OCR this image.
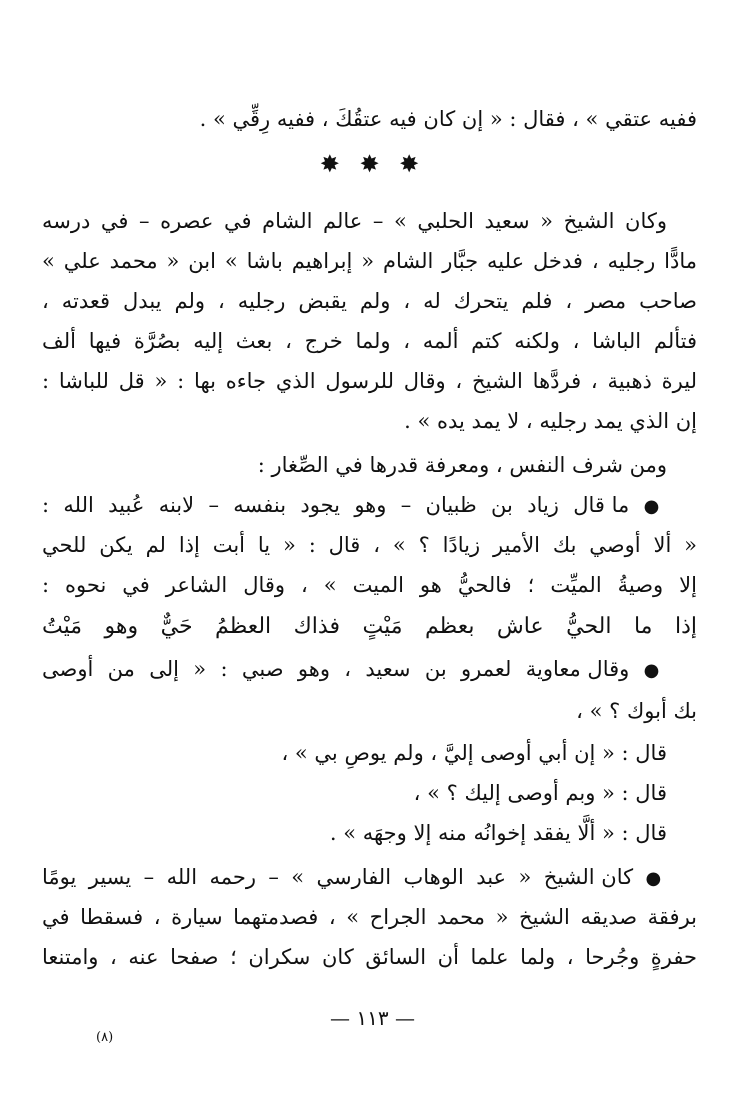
ففيه عتقي » ، فقال : « إن كان فيه عتقُكَ ، ففيه رِقِّي » .
✸ ✸ ✸
وكان الشيخ « سعيد الحلبي » – عالم الشام في عصره – في درسه
مادًّا رجليه ، فدخل عليه جبَّار الشام « إبراهيم باشا » ابن « محمد علي »
صاحب مصر ، فلم يتحرك له ، ولم يقبض رجليه ، ولم يبدل قعدته ،
فتألم الباشا ، ولكنه كتم ألمه ، ولما خرج ، بعث إليه بصُرَّة فيها ألف
ليرة ذهبية ، فردَّها الشيخ ، وقال للرسول الذي جاءه بها : « قل للباشا :
إن الذي يمد رجليه ، لا يمد يده » .
ومن شرف النفس ، ومعرفة قدرها في الصِّغار :
● ما قال زياد بن ظبيان – وهو يجود بنفسه – لابنه عُبيد الله :
« ألا أوصي بك الأمير زيادًا ؟ » ، قال : « يا أبت إذا لم يكن للحي
إلا وصيةُ الميِّت ؛ فالحيُّ هو الميت » ، وقال الشاعر في نحوه :
إذا ما الحيُّ عاش بعظم مَيْتٍ فذاك العظمُ حَيٌّ وهو مَيْتُ
● وقال معاوية لعمرو بن سعيد ، وهو صبي : « إلى من أوصى
بك أبوك ؟ » ،
قال : « إن أبي أوصى إليَّ ، ولم يوصِ بي » ،
قال : « وبم أوصى إليك ؟ » ،
قال : « ألَّا يفقد إخوانُه منه إلا وجهَه » .
● كان الشيخ « عبد الوهاب الفارسي » – رحمه الله – يسير يومًا
برفقة صديقه الشيخ « محمد الجراح » ، فصدمتهما سيارة ، فسقطا في
حفرةٍ وجُرحا ، ولما علما أن السائق كان سكران ؛ صفحا عنه ، وامتنعا
— ١١٣ —
(٨)
